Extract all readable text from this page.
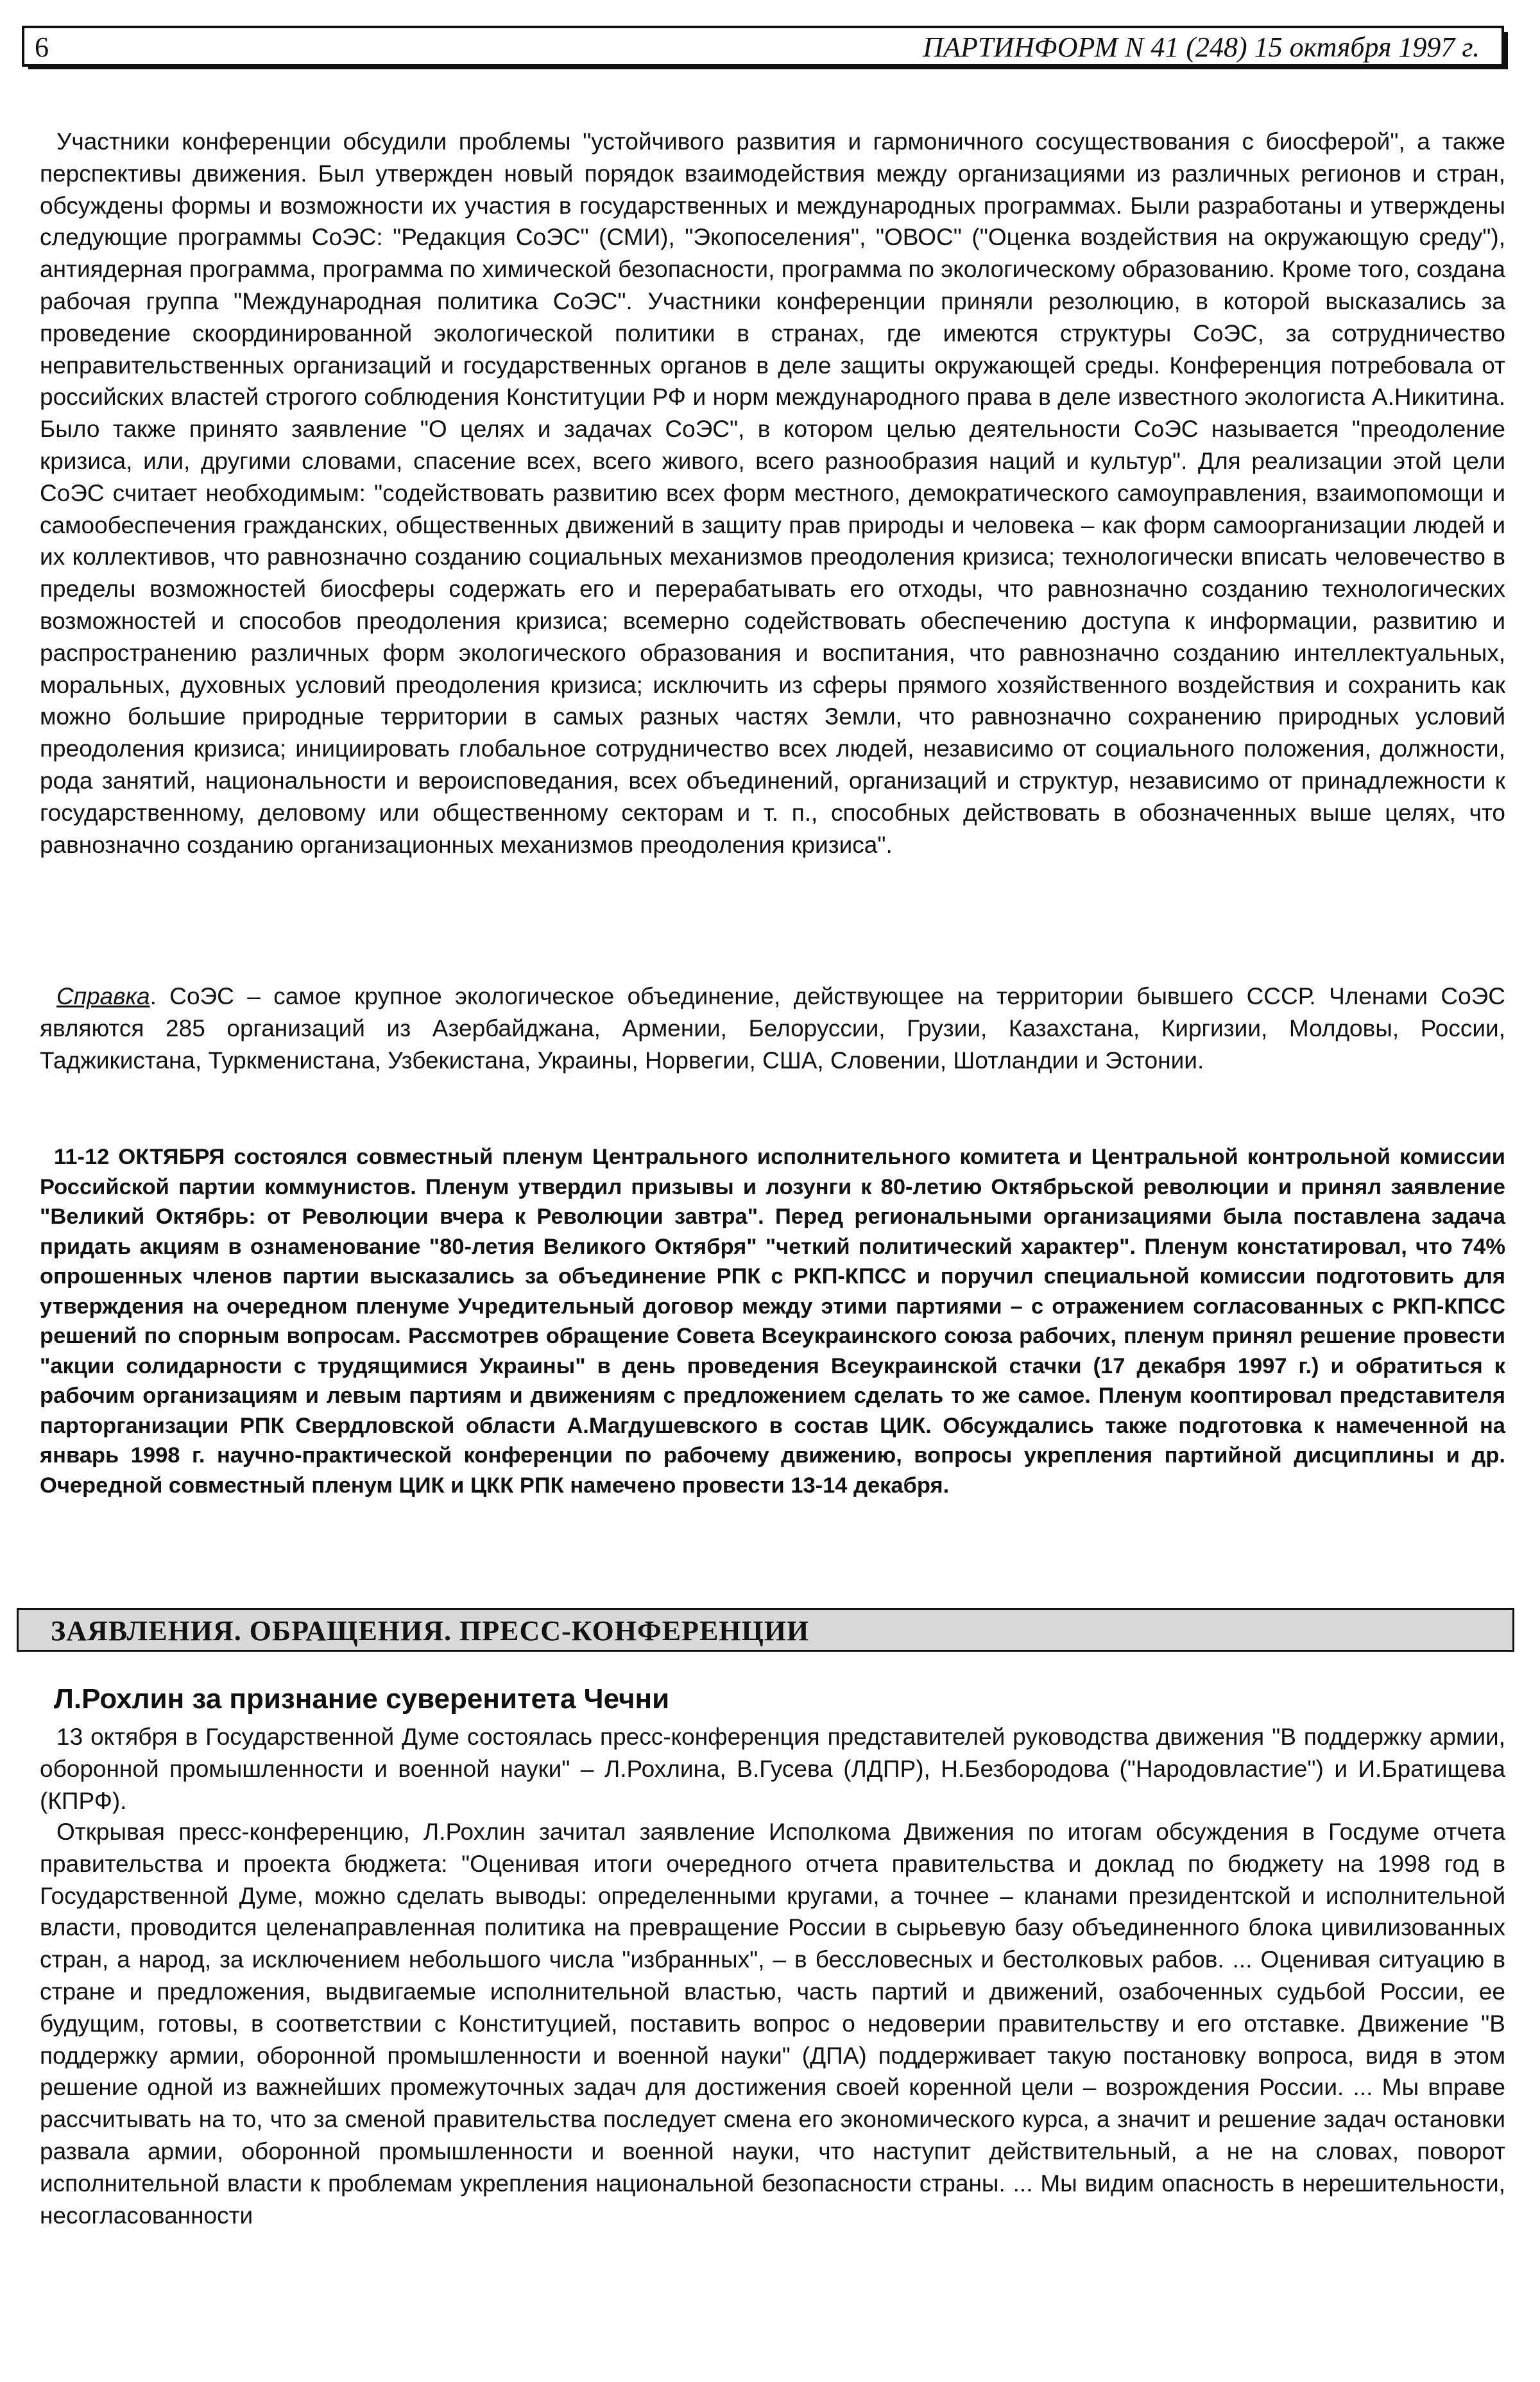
6	ПАРТИНФОРМ N 41 (248) 15 октября 1997 г.

Участники конференции обсудили проблемы "устойчивого развития и гармоничного сосуществования с биосферой", а также перспективы движения. Был утвержден новый порядок взаимодействия между организациями из различных регионов и стран, обсуждены формы и возможности их участия в государственных и международных программах. Были разработаны и утверждены следующие программы СоЭС: "Редакция СоЭС" (СМИ), "Экопоселения", "ОВОС" ("Оценка воздействия на окружающую среду"), антиядерная программа, программа по химической безопасности, программа по экологическому образованию. Кроме того, создана рабочая группа "Международная политика СоЭС". Участники конференции приняли резолюцию, в которой высказались за проведение скоординированной экологической политики в странах, где имеются структуры СоЭС, за сотрудничество неправительственных организаций и государственных органов в деле защиты окружающей среды. Конференция потребовала от российских властей строгого соблюдения Конституции РФ и норм международного права в деле известного экологиста А.Никитина. Было также принято заявление "О целях и задачах СоЭС", в котором целью деятельности СоЭС называется "преодоление кризиса, или, другими словами, спасение всех, всего живого, всего разнообразия наций и культур". Для реализации этой цели СоЭС считает необходимым: "содействовать развитию всех форм местного, демократического самоуправления, взаимопомощи и самообеспечения гражданских, общественных движений в защиту прав природы и человека – как форм самоорганизации людей и их коллективов, что равнозначно созданию социальных механизмов преодоления кризиса; технологически вписать человечество в пределы возможностей биосферы содержать его и перерабатывать его отходы, что равнозначно созданию технологических возможностей и способов преодоления кризиса; всемерно содействовать обеспечению доступа к информации, развитию и распространению различных форм экологического образования и воспитания, что равнозначно созданию интеллектуальных, моральных, духовных условий преодоления кризиса; исключить из сферы прямого хозяйственного воздействия и сохранить как можно большие природные территории в самых разных частях Земли, что равнозначно сохранению природных условий преодоления кризиса; инициировать глобальное сотрудничество всех людей, независимо от социального положения, должности, рода занятий, национальности и вероисповедания, всех объединений, организаций и структур, независимо от принадлежности к государственному, деловому или общественному секторам и т. п., способных действовать в обозначенных выше целях, что равнозначно созданию организационных механизмов преодоления кризиса".

Справка. СоЭС – самое крупное экологическое объединение, действующее на территории бывшего СССР. Членами СоЭС являются 285 организаций из Азербайджана, Армении, Белоруссии, Грузии, Казахстана, Киргизии, Молдовы, России, Таджикистана, Туркменистана, Узбекистана, Украины, Норвегии, США, Словении, Шотландии и Эстонии.

11-12 ОКТЯБРЯ состоялся совместный пленум Центрального исполнительного комитета и Центральной контрольной комиссии Российской партии коммунистов. Пленум утвердил призывы и лозунги к 80-летию Октябрьской революции и принял заявление "Великий Октябрь: от Революции вчера к Революции завтра". Перед региональными организациями была поставлена задача придать акциям в ознаменование "80-летия Великого Октября" "четкий политический характер". Пленум констатировал, что 74% опрошенных членов партии высказались за объединение РПК с РКП-КПСС и поручил специальной комиссии подготовить для утверждения на очередном пленуме Учредительный договор между этими партиями – с отражением согласованных с РКП-КПСС решений по спорным вопросам. Рассмотрев обращение Совета Всеукраинского союза рабочих, пленум принял решение провести "акции солидарности с трудящимися Украины" в день проведения Всеукраинской стачки (17 декабря 1997 г.) и обратиться к рабочим организациям и левым партиям и движениям с предложением сделать то же самое. Пленум кооптировал представителя парторганизации РПК Свердловской области А.Магдушевского в состав ЦИК. Обсуждались также подготовка к намеченной на январь 1998 г. научно-практической конференции по рабочему движению, вопросы укрепления партийной дисциплины и др. Очередной совместный пленум ЦИК и ЦКК РПК намечено провести 13-14 декабря.

ЗАЯВЛЕНИЯ. ОБРАЩЕНИЯ. ПРЕСС-КОНФЕРЕНЦИИ
Л.Рохлин за признание суверенитета Чечни

13 октября в Государственной Думе состоялась пресс-конференция представителей руководства движения "В поддержку армии, оборонной промышленности и военной науки" – Л.Рохлина, В.Гусева (ЛДПР), Н.Безбородова ("Народовластие") и И.Братищева (КПРФ).

Открывая пресс-конференцию, Л.Рохлин зачитал заявление Исполкома Движения по итогам обсуждения в Госдуме отчета правительства и проекта бюджета: "Оценивая итоги очередного отчета правительства и доклад по бюджету на 1998 год в Государственной Думе, можно сделать выводы: определенными кругами, а точнее – кланами президентской и исполнительной власти, проводится целенаправленная политика на превращение России в сырьевую базу объединенного блока цивилизованных стран, а народ, за исключением небольшого числа "избранных", – в бессловесных и бестолковых рабов. ... Оценивая ситуацию в стране и предложения, выдвигаемые исполнительной властью, часть партий и движений, озабоченных судьбой России, ее будущим, готовы, в соответствии с Конституцией, поставить вопрос о недоверии правительству и его отставке. Движение "В поддержку армии, оборонной промышленности и военной науки" (ДПА) поддерживает такую постановку вопроса, видя в этом решение одной из важнейших промежуточных задач для достижения своей коренной цели – возрождения России. ... Мы вправе рассчитывать на то, что за сменой правительства последует смена его экономического курса, а значит и решение задач остановки развала армии, оборонной промышленности и военной науки, что наступит действительный, а не на словах, поворот исполнительной власти к проблемам укрепления национальной безопасности страны. ... Мы видим опасность в нерешительности, несогласованности
